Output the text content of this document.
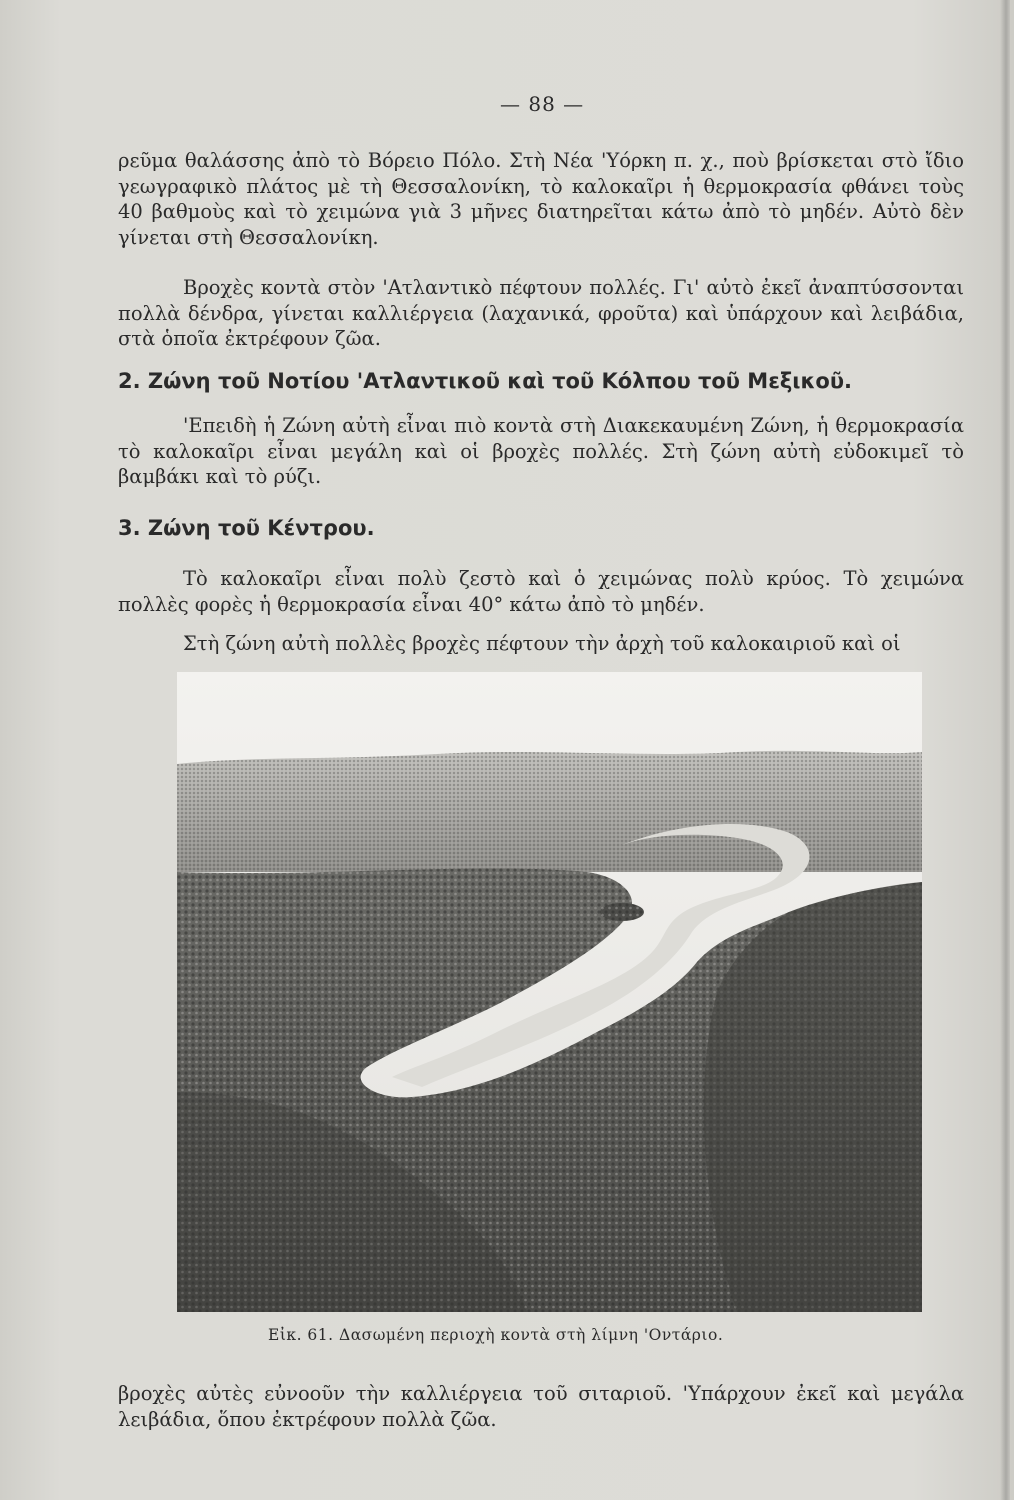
— 88 —

ρεῦμα θαλάσσης ἀπὸ τὸ Βόρειο Πόλο. Στὴ Νέα 'Υόρκη π. χ., ποὺ βρίσκεται στὸ ἴδιο γεωγραφικὸ πλάτος μὲ τὴ Θεσσαλονίκη, τὸ καλοκαῖρι ἡ θερμοκρασία φθάνει τοὺς 40 βαθμοὺς καὶ τὸ χειμώνα γιὰ 3 μῆνες διατηρεῖται κάτω ἀπὸ τὸ μηδέν. Αὐτὸ δὲν γίνεται στὴ Θεσσαλονίκη.

Βροχὲς κοντὰ στὸν 'Ατλαντικὸ πέφτουν πολλές. Γι' αὐτὸ ἐκεῖ ἀναπτύσσονται πολλὰ δένδρα, γίνεται καλλιέργεια (λαχανικά, φροῦτα) καὶ ὑπάρχουν καὶ λειβάδια, στὰ ὁποῖα ἐκτρέφουν ζῶα.

2. Ζώνη τοῦ Νοτίου 'Ατλαντικοῦ καὶ τοῦ Κόλπου τοῦ Μεξικοῦ.

'Επειδὴ ἡ Ζώνη αὐτὴ εἶναι πιὸ κοντὰ στὴ Διακεκαυμένη Ζώνη, ἡ θερμοκρασία τὸ καλοκαῖρι εἶναι μεγάλη καὶ οἱ βροχὲς πολλές. Στὴ ζώνη αὐτὴ εὐδοκιμεῖ τὸ βαμβάκι καὶ τὸ ρύζι.

3. Ζώνη τοῦ Κέντρου.

Τὸ καλοκαῖρι εἶναι πολὺ ζεστὸ καὶ ὁ χειμώνας πολὺ κρύος. Τὸ χειμώνα πολλὲς φορὲς ἡ θερμοκρασία εἶναι 40° κάτω ἀπὸ τὸ μηδέν.

Στὴ ζώνη αὐτὴ πολλὲς βροχὲς πέφτουν τὴν ἀρχὴ τοῦ καλοκαιριοῦ καὶ οἱ

Εἰκ. 61. Δασωμένη περιοχὴ κοντὰ στὴ λίμνη 'Οντάριο.

βροχὲς αὐτὲς εὐνοοῦν τὴν καλλιέργεια τοῦ σιταριοῦ. 'Υπάρχουν ἐκεῖ καὶ μεγάλα λειβάδια, ὅπου ἐκτρέφουν πολλὰ ζῶα.
